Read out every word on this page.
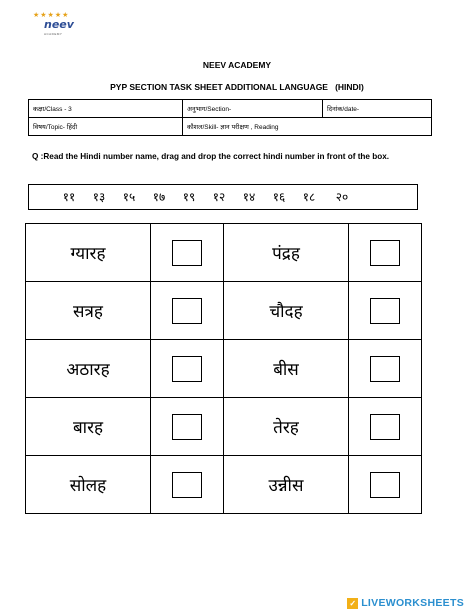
★★★★★
neev
ACADEMY
NEEV ACADEMY
PYP SECTION TASK SHEET ADDITIONAL LANGUAGE   (HINDI)
कक्षा/Class - 3	अनुभाग/Section-	दिनांक/date-
विषय/Topic- हिंदी	कौशल/Skill- ज्ञान परीक्षण , Reading	
Q :Read the Hindi number name, drag and drop the correct hindi number in front of the box.
११	१३	१५	१७	१९	१२	१४	१६	१८	२०
ग्यारह		पंद्रह	

सत्रह		चौदह	

अठारह		बीस	

बारह		तेरह	

सोलह		उन्नीस	
✓ LIVEWORKSHEETS
